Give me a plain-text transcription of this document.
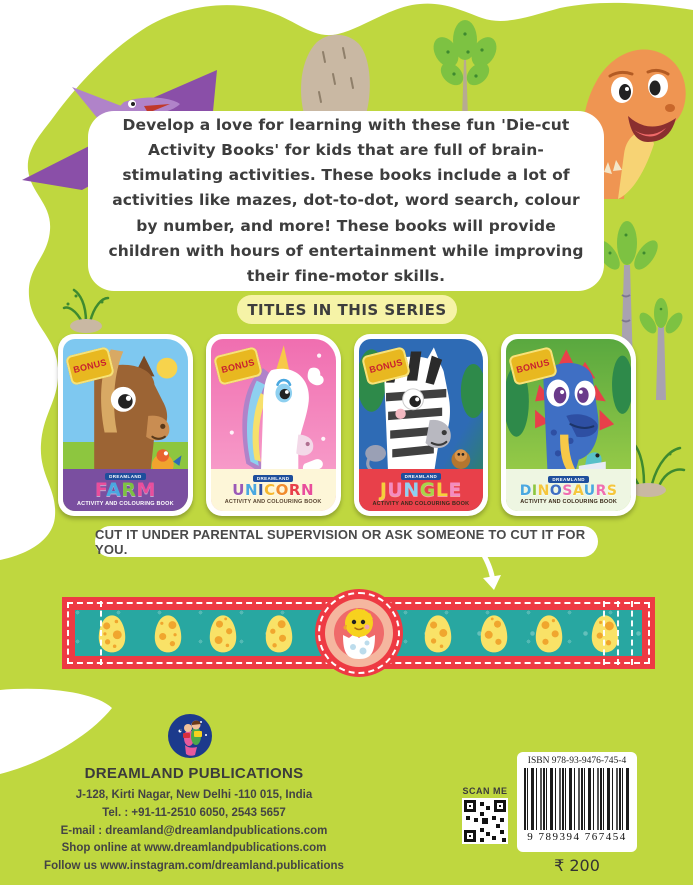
Develop a love for learning with these fun 'Die-cut Activity Books' for kids that are full of brain-stimulating activities. These books include a lot of activities like mazes, dot-to-dot, word search, colour by number, and more! These books will provide children with hours of entertainment while improving their fine-motor skills.
TITLES IN THIS SERIES
BONUS
DREAMLAND
FARM
ACTIVITY AND COLOURING BOOK
BONUS
DREAMLAND
UNICORN
ACTIVITY AND COLOURING BOOK
BONUS
DREAMLAND
JUNGLE
ACTIVITY AND COLOURING BOOK
BONUS
DREAMLAND
DINOSAURS
ACTIVITY AND COLOURING BOOK
CUT IT UNDER PARENTAL SUPERVISION OR ASK SOMEONE TO CUT IT FOR YOU.
DREAMLAND PUBLICATIONS
J-128, Kirti Nagar, New Delhi -110 015, India
Tel. : +91-11-2510 6050, 2543 5657
E-mail : dreamland@dreamlandpublications.com
Shop online at www.dreamlandpublications.com
Follow us www.instagram.com/dreamland.publications
SCAN ME
ISBN 978-93-9476-745-4
9 789394 767454
₹ 200
